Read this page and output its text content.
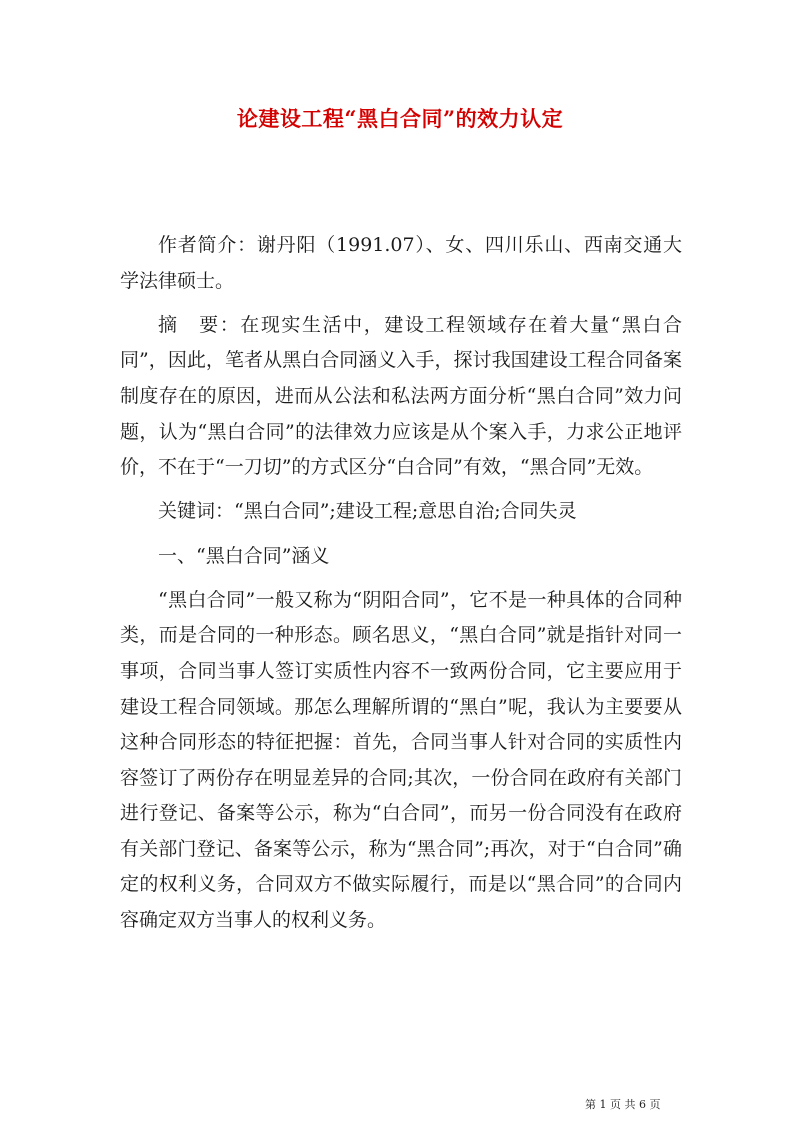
论建设工程“黑白合同”的效力认定

作者简介：谢丹阳（1991.07）、女、四川乐山、西南交通大学法律硕士。

摘　要：在现实生活中，建设工程领域存在着大量“黑白合同”，因此，笔者从黑白合同涵义入手，探讨我国建设工程合同备案制度存在的原因，进而从公法和私法两方面分析“黑白合同”效力问题，认为“黑白合同”的法律效力应该是从个案入手，力求公正地评价，不在于“一刀切”的方式区分“白合同”有效，“黑合同”无效。

关键词：“黑白合同”;建设工程;意思自治;合同失灵

一、“黑白合同”涵义

“黑白合同”一般又称为“阴阳合同”，它不是一种具体的合同种类，而是合同的一种形态。顾名思义，“黑白合同”就是指针对同一事项，合同当事人签订实质性内容不一致两份合同，它主要应用于建设工程合同领域。那怎么理解所谓的“黑白”呢，我认为主要要从这种合同形态的特征把握：首先，合同当事人针对合同的实质性内容签订了两份存在明显差异的合同;其次，一份合同在政府有关部门进行登记、备案等公示，称为“白合同”，而另一份合同没有在政府有关部门登记、备案等公示，称为“黑合同”;再次，对于“白合同”确定的权利义务，合同双方不做实际履行，而是以“黑合同”的合同内容确定双方当事人的权利义务。

第 1 页 共 6 页
